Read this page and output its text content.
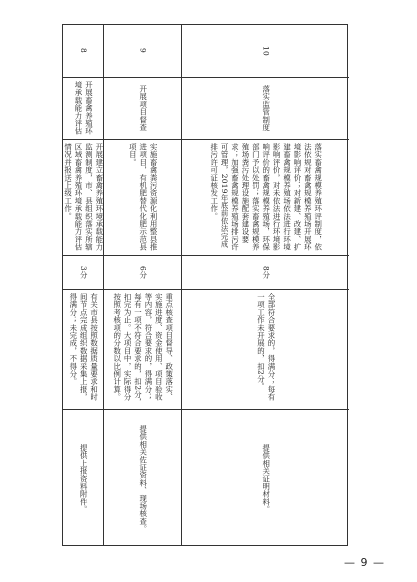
8
开展畜禽养殖环境承载能力评估
开展建立畜禽养殖环境承载能力监测制度，市、县组织落实所辖区域畜禽养殖环境承载能力评估情况并报送上级工作。
3分
有关市县按照数据质量要求和时间节点完成组织数据采集上报，得满分；未完成，不得分。
提供上报资料附件。
9
开展项目督查
实施畜禽粪污资源化利用整县推进项目，有机肥替代化肥示范县项目。
6分
重点核查项目督导、政策落实、实施进度、资金使用、项目验收等内容，符合要求的，得满分；每有一项不符合要求的，扣2分，扣完为止。大项目中，实际得分按照考核项的分数以比例计算。
提供相关佐证资料、现场核查。
10
落实监管制度
落实畜禽规模养殖环评制度，依法依规对畜禽规模养殖场开展环境影响评价；对新建、改建、扩建畜禽规模养殖场依法进行环境影响评价，对未依法进行环境影响评价的畜禽规模养殖场，环保部门予以处罚；落实畜禽规模养殖场粪污处理设施配套建设要求；加强畜禽规模养殖场排污许可管理，2019年底前依法完成排污许可证核发工作。
8分
全部符合要求的，得满分；每有一项工作未开展的，扣2分。
提供相关证明材料。
— 9 —
